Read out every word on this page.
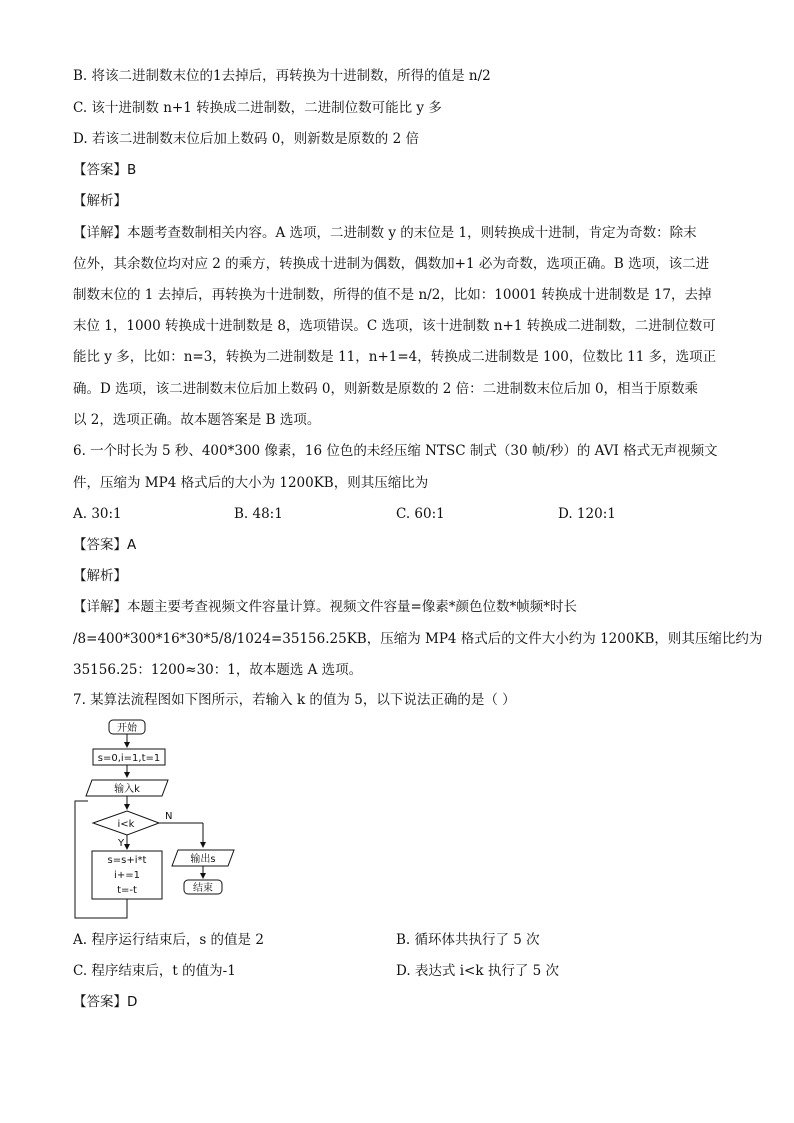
B. 将该二进制数末位的1去掉后，再转换为十进制数，所得的值是 n/2
C. 该十进制数 n+1 转换成二进制数，二进制位数可能比 y 多
D. 若该二进制数末位后加上数码 0，则新数是原数的 2 倍
【答案】B
【解析】
【详解】本题考查数制相关内容。A 选项，二进制数 y 的末位是 1，则转换成十进制，肯定为奇数：除末
位外，其余数位均对应 2 的乘方，转换成十进制为偶数，偶数加+1 必为奇数，选项正确。B 选项，该二进
制数末位的 1 去掉后，再转换为十进制数，所得的值不是 n/2，比如：10001 转换成十进制数是 17，去掉
末位 1，1000 转换成十进制数是 8，选项错误。C 选项，该十进制数 n+1 转换成二进制数，二进制位数可
能比 y 多，比如：n=3，转换为二进制数是 11，n+1=4，转换成二进制数是 100，位数比 11 多，选项正
确。D 选项，该二进制数末位后加上数码 0，则新数是原数的 2 倍：二进制数末位后加 0，相当于原数乘
以 2，选项正确。故本题答案是 B 选项。
6. 一个时长为 5 秒、400*300 像素，16 位色的未经压缩 NTSC 制式（30 帧/秒）的 AVI 格式无声视频文
件，压缩为 MP4 格式后的大小为 1200KB，则其压缩比为
A. 30:1	B. 48:1	C. 60:1	D. 120:1
【答案】A
【解析】
【详解】本题主要考查视频文件容量计算。视频文件容量=像素*颜色位数*帧频*时长
/8=400*300*16*30*5/8/1024=35156.25KB，压缩为 MP4 格式后的文件大小约为 1200KB，则其压缩比约为
35156.25：1200≈30：1，故本题选 A 选项。
7. 某算法流程图如下图所示，若输入 k 的值为 5，以下说法正确的是（ ）
开始
s=0,i=1,t=1
输入k
i<k
N
Y
s=s+i*t
i+=1
t=-t
输出s
结束
A. 程序运行结束后，s 的值是 2	B. 循环体共执行了 5 次
C. 程序结束后，t 的值为-1	D. 表达式 i<k 执行了 5 次
【答案】D
